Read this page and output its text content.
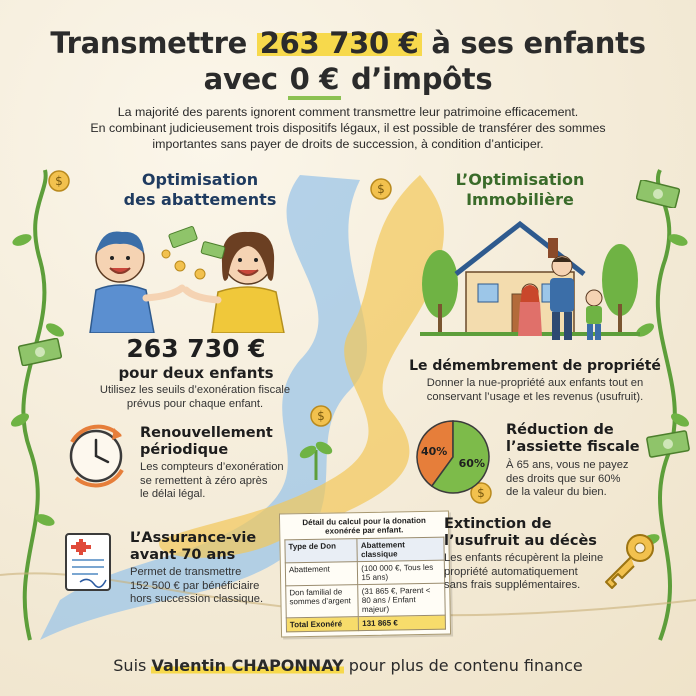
Transmettre 263 730 € à ses enfants
avec 0 € d’impôts
La majorité des parents ignorent comment transmettre leur patrimoine efficacement.
En combinant judicieusement trois dispositifs légaux, il est possible de transférer des sommes
importantes sans payer de droits de succession, à condition d’anticiper.
$
$
$
$
Optimisation
des abattements
263 730 €
pour deux enfants
Utilisez les seuils d’exonération fiscale
prévus pour chaque enfant.
Renouvellement
périodique
Les compteurs d’exonération
se remettent à zéro après
le délai légal.
L’Assurance-vie
avant 70 ans
Permet de transmettre
152 500 € par bénéficiaire
hors succession classique.
Détail du calcul pour la donation
exonérée par enfant.
Type de Don	Abattement classique
Abattement	(100 000 €, Tous les 15 ans)
Don familial de sommes d’argent	(31 865 €, Parent < 80 ans / Enfant majeur)
Total Exonéré	131 865 €
L’Optimisation
Immobilière
Le démembrement de propriété
Donner la nue-propriété aux enfants tout en
conservant l’usage et les revenus (usufruit).
40%
60%
Réduction de
l’assiette fiscale
À 65 ans, vous ne payez
des droits que sur 60%
de la valeur du bien.
Extinction de
l’usufruit au décès
Les enfants récupèrent la pleine
propriété automatiquement
sans frais supplémentaires.
Suis Valentin CHAPONNAY pour plus de contenu finance
